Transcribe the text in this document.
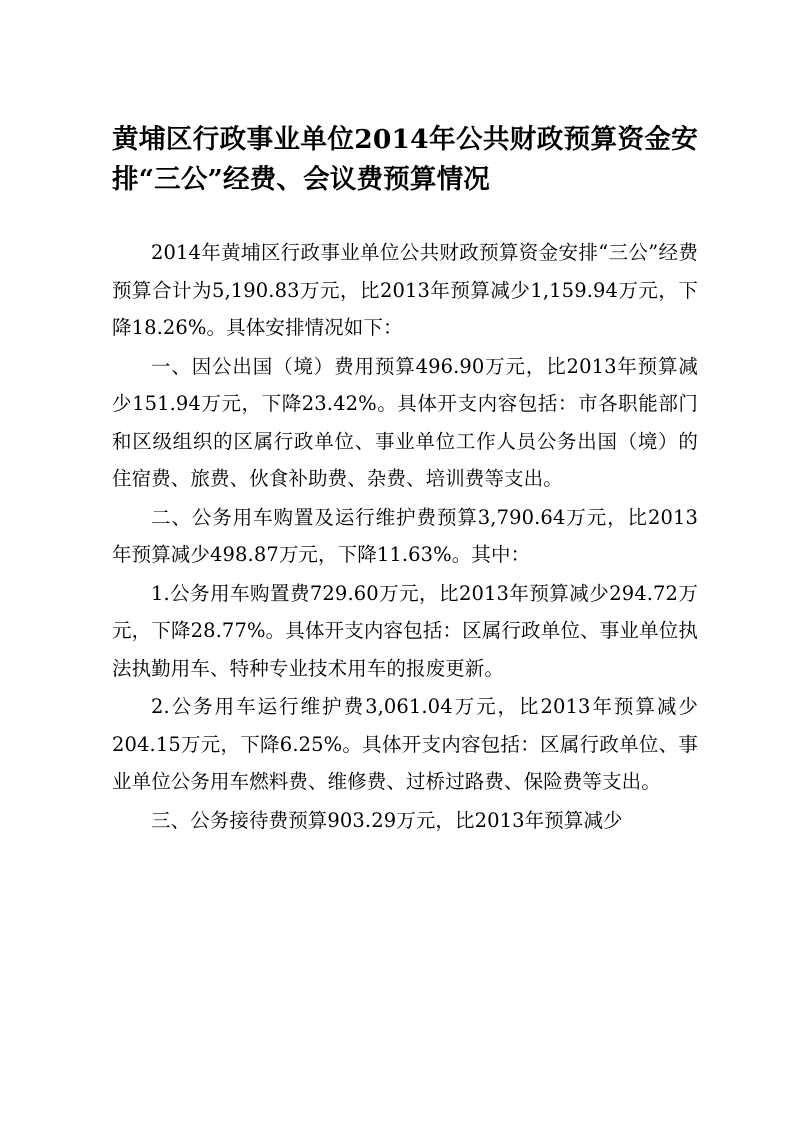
黄埔区行政事业单位2014年公共财政预算资金安排“三公”经费、会议费预算情况

2014年黄埔区行政事业单位公共财政预算资金安排“三公”经费预算合计为5,190.83万元，比2013年预算减少1,159.94万元，下降18.26%。具体安排情况如下：

一、因公出国（境）费用预算496.90万元，比2013年预算减少151.94万元，下降23.42%。具体开支内容包括：市各职能部门和区级组织的区属行政单位、事业单位工作人员公务出国（境）的住宿费、旅费、伙食补助费、杂费、培训费等支出。

二、公务用车购置及运行维护费预算3,790.64万元，比2013年预算减少498.87万元，下降11.63%。其中：

1.公务用车购置费729.60万元，比2013年预算减少294.72万元，下降28.77%。具体开支内容包括：区属行政单位、事业单位执法执勤用车、特种专业技术用车的报废更新。

2.公务用车运行维护费3,061.04万元，比2013年预算减少204.15万元，下降6.25%。具体开支内容包括：区属行政单位、事业单位公务用车燃料费、维修费、过桥过路费、保险费等支出。

三、公务接待费预算903.29万元，比2013年预算减少
